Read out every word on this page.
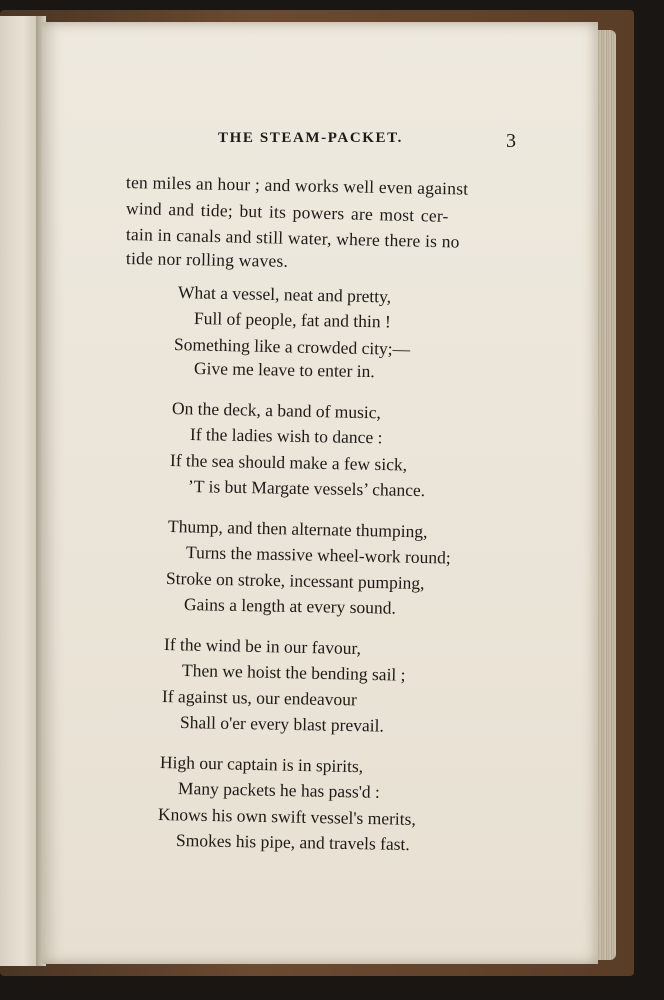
THE STEAM-PACKET.	3
ten miles an hour ; and works well even against
wind and tide; but its powers are most cer-
tain in canals and still water, where there is no
tide nor rolling waves.
What a vessel, neat and pretty,
Full of people, fat and thin !
Something like a crowded city;—
Give me leave to enter in.
On the deck, a band of music,
If the ladies wish to dance :
If the sea should make a few sick,
’T is but Margate vessels’ chance.
Thump, and then alternate thumping,
Turns the massive wheel-work round;
Stroke on stroke, incessant pumping,
Gains a length at every sound.
If the wind be in our favour,
Then we hoist the bending sail ;
If against us, our endeavour
Shall o'er every blast prevail.
High our captain is in spirits,
Many packets he has pass'd :
Knows his own swift vessel's merits,
Smokes his pipe, and travels fast.
